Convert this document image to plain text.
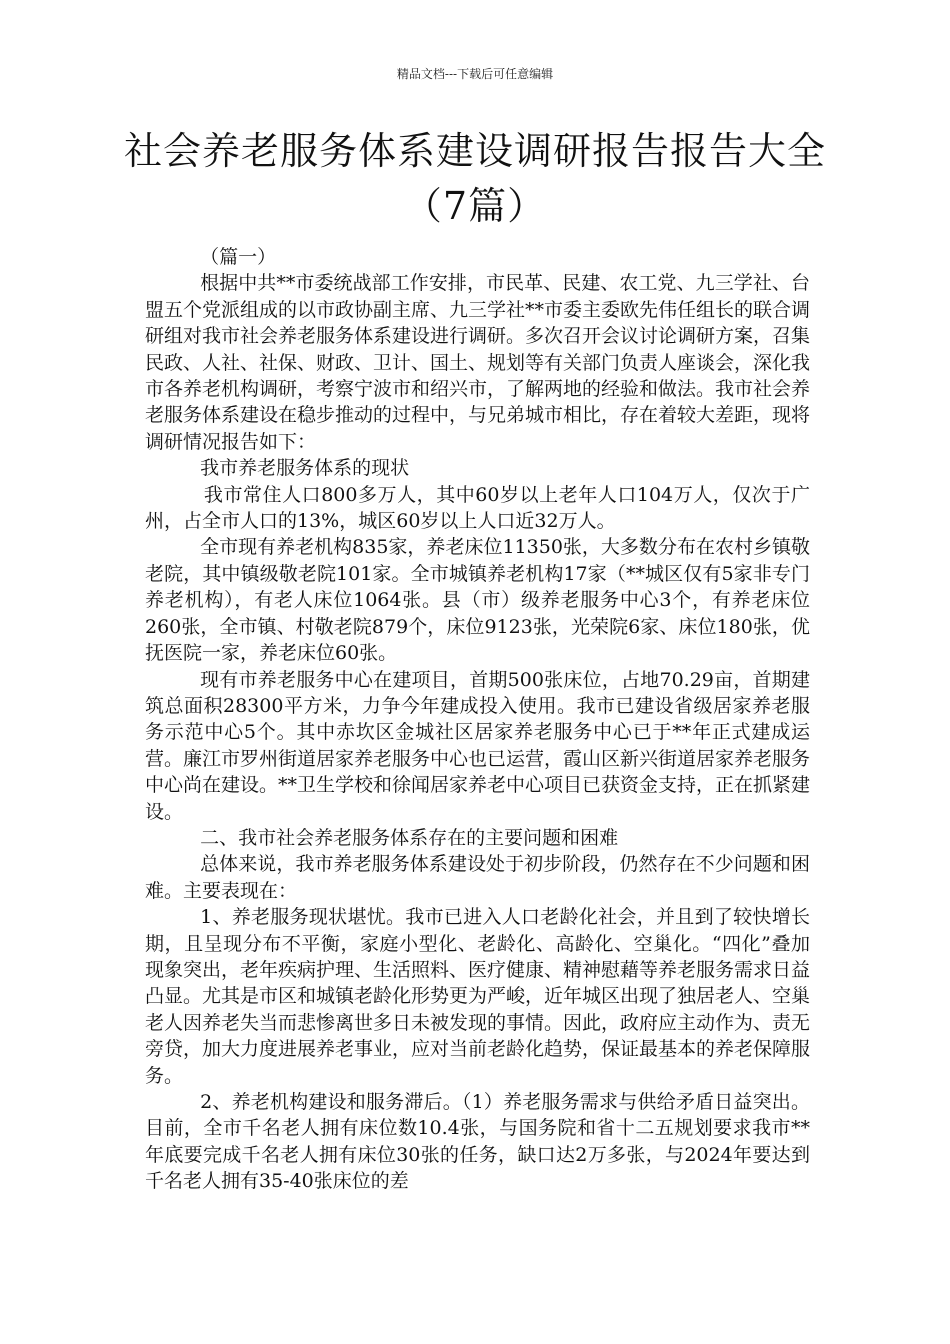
精品文档---下载后可任意编辑
社会养老服务体系建设调研报告报告大全（7篇）

（篇一）

根据中共**市委统战部工作安排，市民革、民建、农工党、九三学社、台盟五个党派组成的以市政协副主席、九三学社**市委主委欧先伟任组长的联合调研组对我市社会养老服务体系建设进行调研。多次召开会议讨论调研方案，召集民政、人社、社保、财政、卫计、国土、规划等有关部门负责人座谈会，深化我市各养老机构调研，考察宁波市和绍兴市，了解两地的经验和做法。我市社会养老服务体系建设在稳步推动的过程中，与兄弟城市相比，存在着较大差距，现将调研情况报告如下：

我市养老服务体系的现状

我市常住人口800多万人，其中60岁以上老年人口104万人，仅次于广州，占全市人口的13%，城区60岁以上人口近32万人。

全市现有养老机构835家，养老床位11350张，大多数分布在农村乡镇敬老院，其中镇级敬老院101家。全市城镇养老机构17家（**城区仅有5家非专门养老机构），有老人床位1064张。县（市）级养老服务中心3个，有养老床位260张，全市镇、村敬老院879个，床位9123张，光荣院6家、床位180张，优抚医院一家，养老床位60张。

现有市养老服务中心在建项目，首期500张床位，占地70.29亩，首期建筑总面积28300平方米，力争今年建成投入使用。我市已建设省级居家养老服务示范中心5个。其中赤坎区金城社区居家养老服务中心已于**年正式建成运营。廉江市罗州街道居家养老服务中心也已运营，霞山区新兴街道居家养老服务中心尚在建设。**卫生学校和徐闻居家养老中心项目已获资金支持，正在抓紧建设。

二、我市社会养老服务体系存在的主要问题和困难

总体来说，我市养老服务体系建设处于初步阶段，仍然存在不少问题和困难。主要表现在：

1、养老服务现状堪忧。我市已进入人口老龄化社会，并且到了较快增长期，且呈现分布不平衡，家庭小型化、老龄化、高龄化、空巢化。“四化”叠加现象突出，老年疾病护理、生活照料、医疗健康、精神慰藉等养老服务需求日益凸显。尤其是市区和城镇老龄化形势更为严峻，近年城区出现了独居老人、空巢老人因养老失当而悲惨离世多日未被发现的事情。因此，政府应主动作为、责无旁贷，加大力度进展养老事业，应对当前老龄化趋势，保证最基本的养老保障服务。

2、养老机构建设和服务滞后。（1）养老服务需求与供给矛盾日益突出。目前，全市千名老人拥有床位数10.4张，与国务院和省十二五规划要求我市**年底要完成千名老人拥有床位30张的任务，缺口达2万多张，与2024年要达到千名老人拥有35-40张床位的差
